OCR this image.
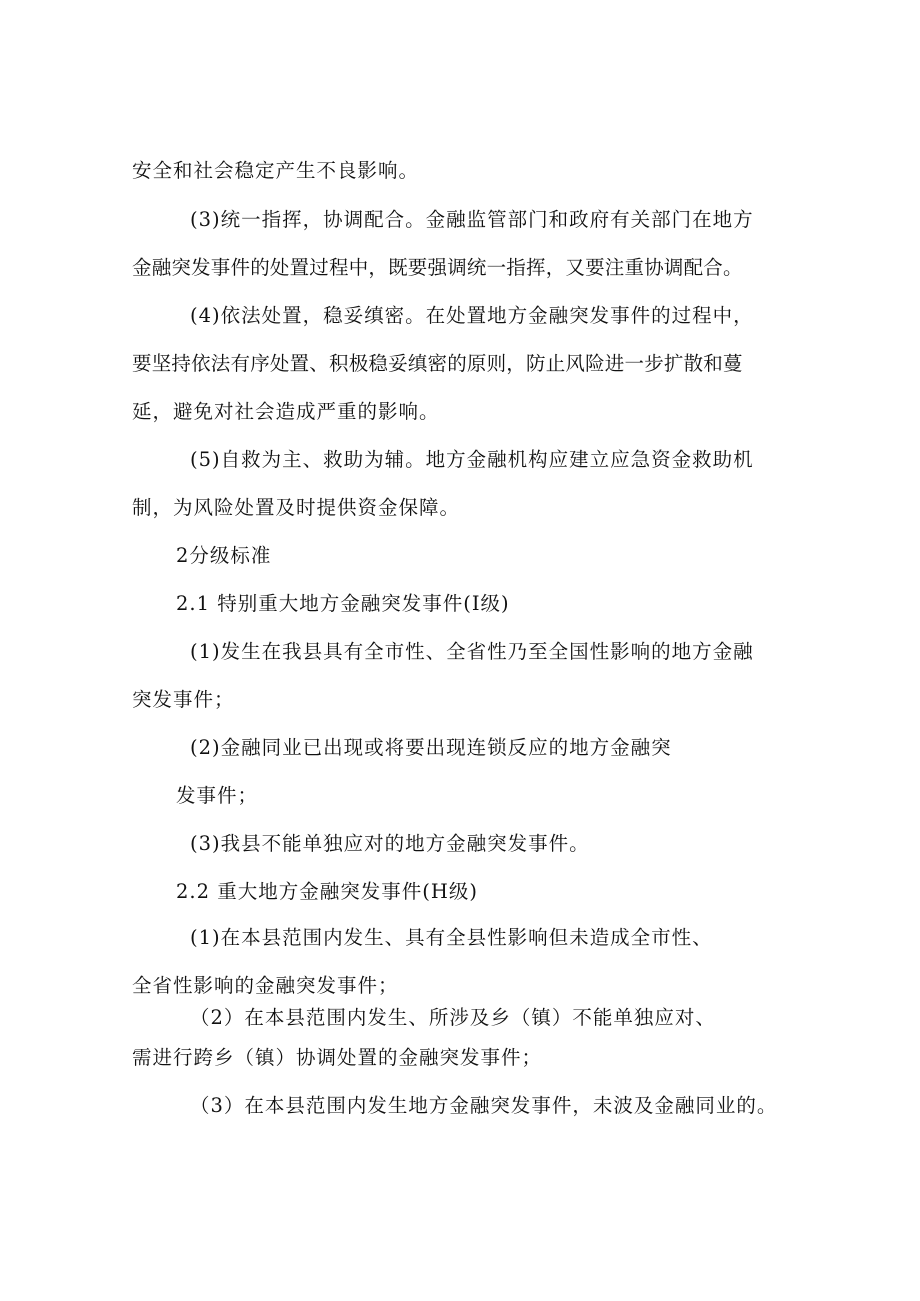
安全和社会稳定产生不良影响。

(3)统一指挥，协调配合。金融监管部门和政府有关部门在地方

金融突发事件的处置过程中，既要强调统一指挥，又要注重协调配合。

(4)依法处置，稳妥缜密。在处置地方金融突发事件的过程中，

要坚持依法有序处置、积极稳妥缜密的原则，防止风险进一步扩散和蔓

延，避免对社会造成严重的影响。

(5)自救为主、救助为辅。地方金融机构应建立应急资金救助机

制，为风险处置及时提供资金保障。

2分级标准

2.1 特别重大地方金融突发事件(I级)

(1)发生在我县具有全市性、全省性乃至全国性影响的地方金融

突发事件；

(2)金融同业已出现或将要出现连锁反应的地方金融突

发事件；

(3)我县不能单独应对的地方金融突发事件。

2.2 重大地方金融突发事件(H级)

(1)在本县范围内发生、具有全县性影响但未造成全市性、

全省性影响的金融突发事件；

（2）在本县范围内发生、所涉及乡（镇）不能单独应对、

需进行跨乡（镇）协调处置的金融突发事件；

（3）在本县范围内发生地方金融突发事件，未波及金融同业的。
